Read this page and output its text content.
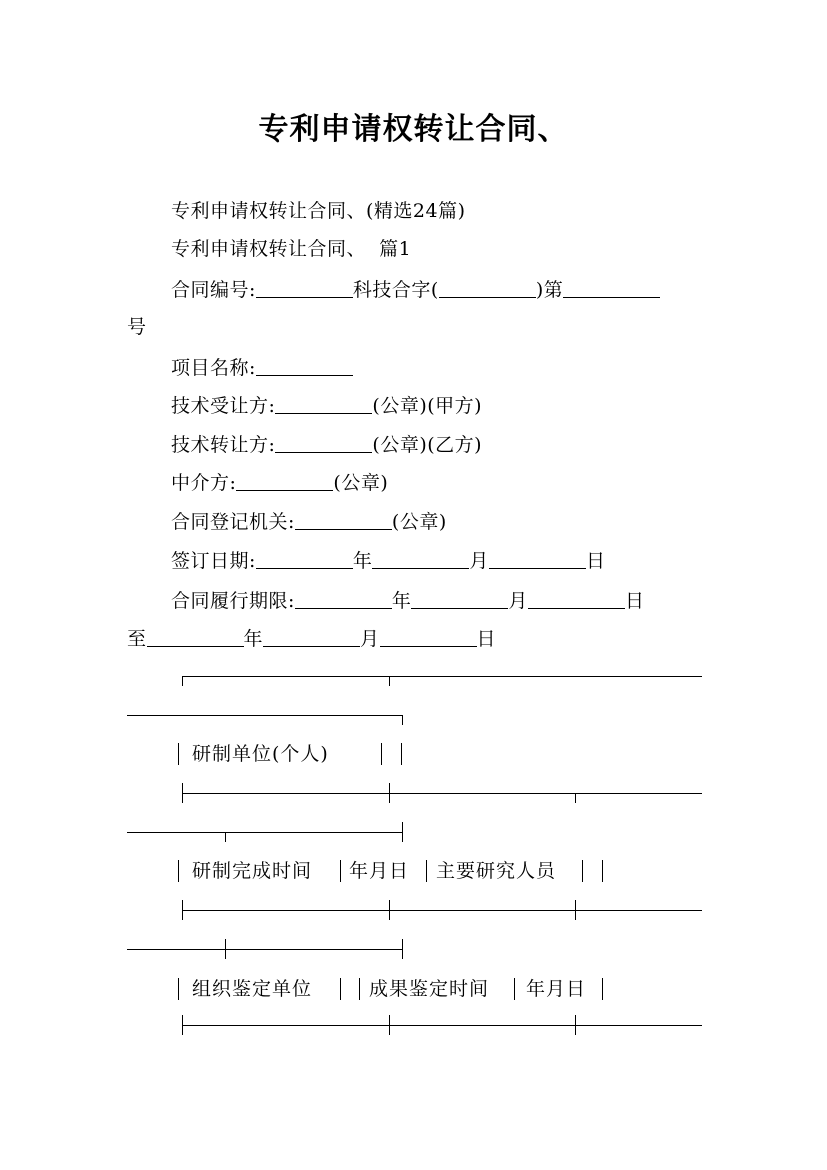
专利申请权转让合同、
专利申请权转让合同、(精选24篇)
专利申请权转让合同、  篇1
合同编号:	科技合字(	)第
号
项目名称:
技术受让方:	(公章)(甲方)
技术转让方:	(公章)(乙方)
中介方:	(公章)
合同登记机关:	(公章)
签订日期:	年	月	日
合同履行期限:	年	月	日
至	年	月	日
研制单位(个人)
研制完成时间 年月日 主要研究人员
组织鉴定单位	成果鉴定时间 年月日
